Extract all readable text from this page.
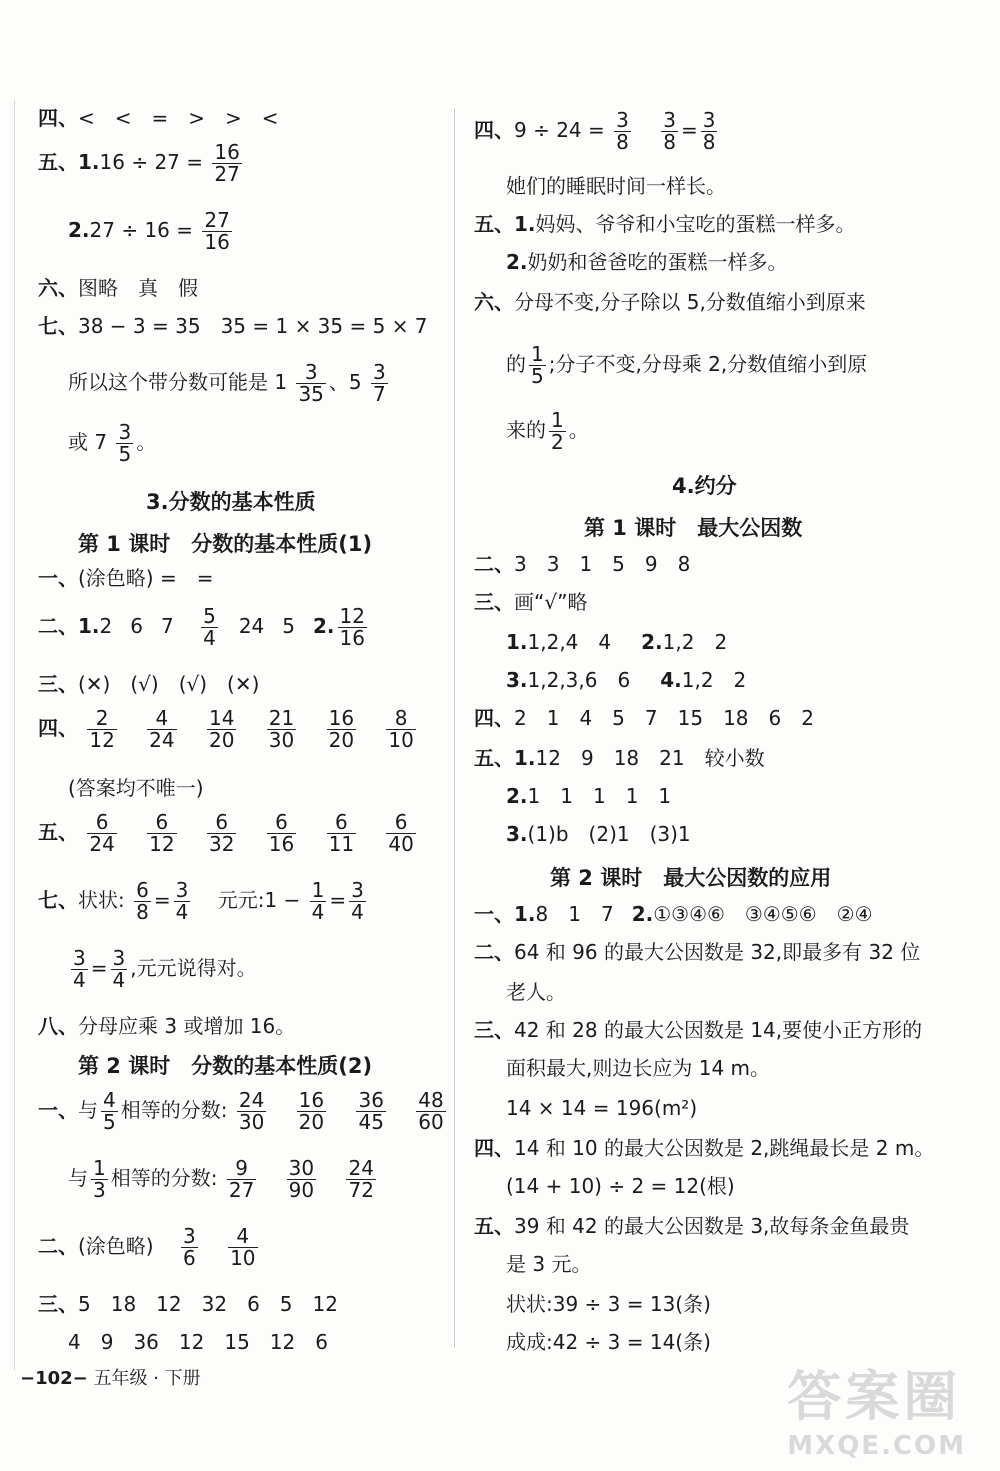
四、<　<　=　>　>　<
五、$1.16 \div 27 = \frac{16}{27}$
$2.27 \div 16 = \frac{27}{16}$
六、图略　真　假
七、38 − 3 = 35　35 = 1 × 35 = 5 × 7
所以这个带分数可能是 $1 \frac{3}{35}$ 、$5 \frac{3}{7}$
或 $7 \frac{3}{5}$ 。
3.分数的基本性质
第 1 课时　分数的基本性质(1)
一、(涂色略) =　=
二、1.2 6 $7 \frac{5}{4} 24$ 5 2. $\frac{12}{16}$
三、(✕)　(√)　(√)　(✕)
四、 $\frac{2}{12}$
$\frac{4}{24}$
$\frac{14}{20}$
$\frac{21}{30}$
$\frac{16}{20}$
$\frac{8}{10}$
(答案均不唯一)
五、 $\frac{6}{24}$
$\frac{6}{12}$
$\frac{6}{32}$
$\frac{6}{16}$
$\frac{6}{11}$
$\frac{6}{40}$
七、状状: $\frac{6}{8} = \frac{3}{4}$ 元元:1 − $\frac{1}{4} = \frac{3}{4}$
$\frac{3}{4} = \frac{3}{4}$ ,元元说得对。
八、分母应乘 3 或增加 16。
第 2 课时　分数的基本性质(2)
一、与 $\frac{4}{5}$ 相等的分数: $\frac{24}{30}$
$\frac{16}{20}$
$\frac{36}{45}$
$\frac{48}{60}$
与 $\frac{1}{3}$ 相等的分数: $\frac{9}{27}$
$\frac{30}{90}$
$\frac{24}{72}$
二、(涂色略) $\frac{3}{6}$
$\frac{4}{10}$
三、5　18　12　32　6　5　12
4　9　36　12　15　12　6
四、$9 \div 24 = \frac{3}{8}$
$\frac{3}{8} = \frac{3}{8}$
她们的睡眠时间一样长。
五、1.妈妈、爷爷和小宝吃的蛋糕一样多。
2.奶奶和爸爸吃的蛋糕一样多。
六、分母不变,分子除以 5,分数值缩小到原来
的 $\frac{1}{5}$ ;分子不变,分母乘 2,分数值缩小到原
来的 $\frac{1}{2}$ 。
4.约分
第 1 课时　最大公因数
二、3　3　1　5　9　8
三、画“√”略
1.1,2,4　4 2.1,2　2
3.1,2,3,6　6 4.1,2　2
四、2　1　4　5　7　15　18　6　2
五、1.12　9　18　21　较小数
2.1　1　1　1　1
3.(1)b　(2)1　(3)1
第 2 课时　最大公因数的应用
一、1.8　1　7 2.①③④⑥　③④⑤⑥　②④
二、64 和 96 的最大公因数是 32,即最多有 32 位
老人。
三、42 和 28 的最大公因数是 14,要使小正方形的
面积最大,则边长应为 14 m。
14 × 14 = 196(m²)
四、14 和 10 的最大公因数是 2,跳绳最长是 2 m。
(14 + 10) ÷ 2 = 12(根)
五、39 和 42 的最大公因数是 3,故每条金鱼最贵
是 3 元。
状状:39 ÷ 3 = 13(条)
成成:42 ÷ 3 = 14(条)
−102− 五年级 · 下册	答案圈
MXQE.COM
